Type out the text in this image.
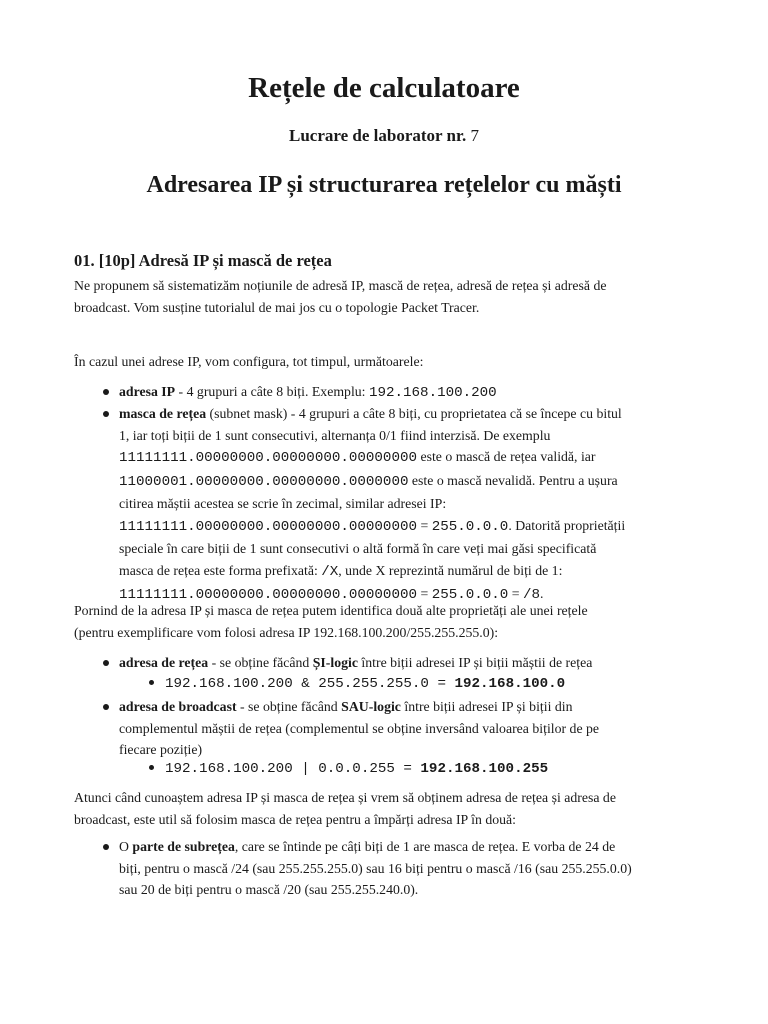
Rețele de calculatoare

Lucrare de laborator nr. 7

Adresarea IP și structurarea rețelelor cu măști
01. [10p] Adresă IP și mască de rețea

Ne propunem să sistematizăm noțiunile de adresă IP, mască de rețea, adresă de rețea și adresă de
broadcast. Vom susține tutorialul de mai jos cu o topologie Packet Tracer.

În cazul unei adrese IP, vom configura, tot timpul, următoarele:

adresa IP - 4 grupuri a câte 8 biți. Exemplu: 192.168.100.200

masca de rețea (subnet mask) - 4 grupuri a câte 8 biți, cu proprietatea că se începe cu bitul
1, iar toți biții de 1 sunt consecutivi, alternanța 0/1 fiind interzisă. De exemplu
11111111.00000000.00000000.00000000 este o mască de rețea validă, iar
11000001.00000000.00000000.0000000 este o mască nevalidă. Pentru a ușura
citirea măștii acestea se scrie în zecimal, similar adresei IP:
11111111.00000000.00000000.00000000 = 255.0.0.0. Datorită proprietății
speciale în care biții de 1 sunt consecutivi o altă formă în care veți mai găsi specificată
masca de rețea este forma prefixată: /X, unde X reprezintă numărul de biți de 1:
11111111.00000000.00000000.00000000 = 255.0.0.0 = /8.

Pornind de la adresa IP și masca de rețea putem identifica două alte proprietăți ale unei rețele
(pentru exemplificare vom folosi adresa IP 192.168.100.200/255.255.255.0):

adresa de rețea - se obține făcând ȘI-logic între biții adresei IP și biții măștii de rețea

192.168.100.200 & 255.255.255.0 = 192.168.100.0

adresa de broadcast - se obține făcând SAU-logic între biții adresei IP și biții din
complementul măștii de rețea (complementul se obține inversând valoarea biților de pe
fiecare poziție)

192.168.100.200 | 0.0.0.255 = 192.168.100.255

Atunci când cunoaștem adresa IP și masca de rețea și vrem să obținem adresa de rețea și adresa de
broadcast, este util să folosim masca de rețea pentru a împărți adresa IP în două:

O parte de subrețea, care se întinde pe câți biți de 1 are masca de rețea. E vorba de 24 de
biți, pentru o mască /24 (sau 255.255.255.0) sau 16 biți pentru o mască /16 (sau 255.255.0.0)
sau 20 de biți pentru o mască /20 (sau 255.255.240.0).
